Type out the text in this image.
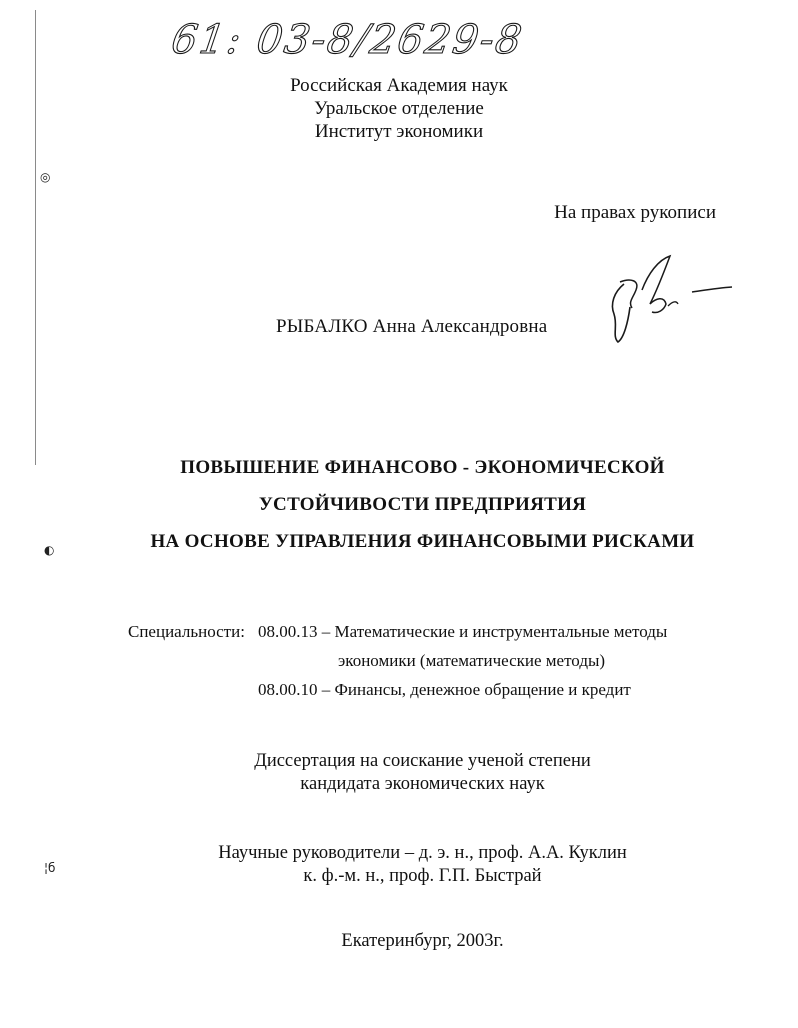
◎
◐
¦б
61: 03-8/2629-8
Российская Академия наук
Уральское отделение
Институт экономики
На правах рукописи
РЫБАЛКО Анна Александровна
ПОВЫШЕНИЕ ФИНАНСОВО - ЭКОНОМИЧЕСКОЙ
УСТОЙЧИВОСТИ ПРЕДПРИЯТИЯ
НА ОСНОВЕ УПРАВЛЕНИЯ ФИНАНСОВЫМИ РИСКАМИ
Специальности: 08.00.13 – Математические и инструментальные методы
экономики (математические методы)
08.00.10 – Финансы, денежное обращение и кредит
Диссертация на соискание ученой степени
кандидата экономических наук
Научные руководители – д. э. н., проф. А.А. Куклин
к. ф.-м. н., проф. Г.П. Быстрай
Екатеринбург, 2003г.
